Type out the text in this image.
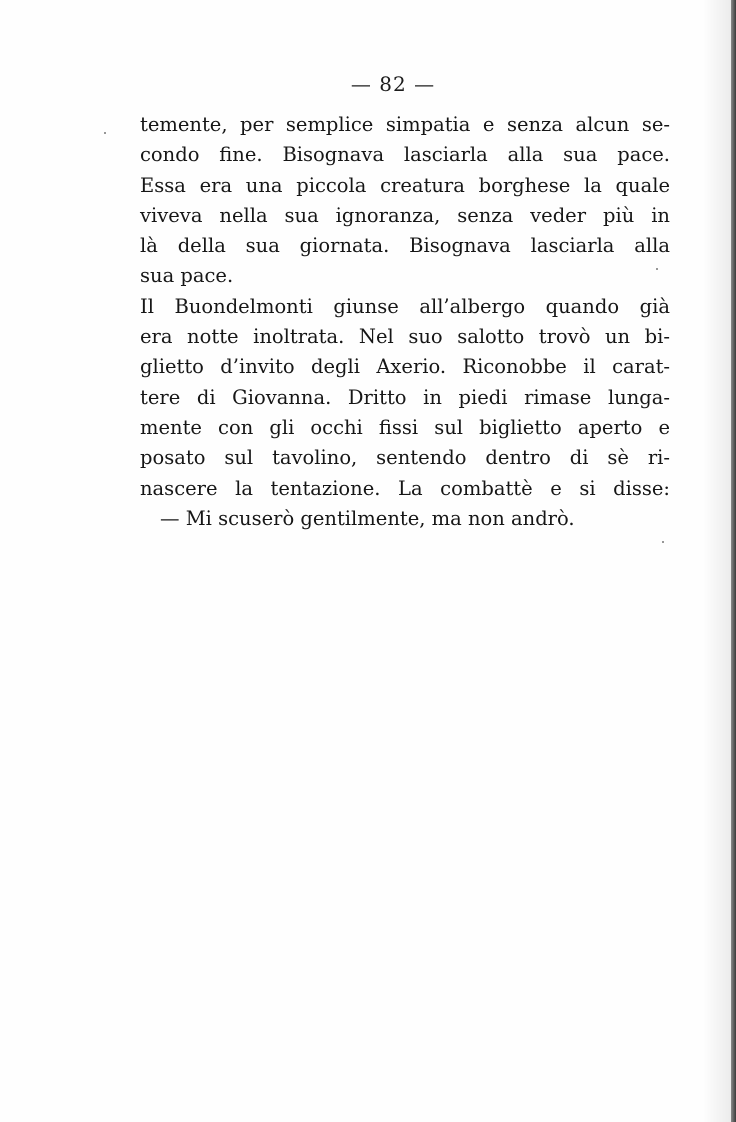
— 82 —
temente, per semplice simpatia e senza alcun se-
condo fine. Bisognava lasciarla alla sua pace.
Essa era una piccola creatura borghese la quale
viveva nella sua ignoranza, senza veder più in
là della sua giornata. Bisognava lasciarla alla
sua pace.
Il Buondelmonti giunse all’albergo quando già
era notte inoltrata. Nel suo salotto trovò un bi-
glietto d’invito degli Axerio. Riconobbe il carat-
tere di Giovanna. Dritto in piedi rimase lunga-
mente con gli occhi fissi sul biglietto aperto e
posato sul tavolino, sentendo dentro di sè ri-
nascere la tentazione. La combattè e si disse:
— Mi scuserò gentilmente, ma non andrò.
